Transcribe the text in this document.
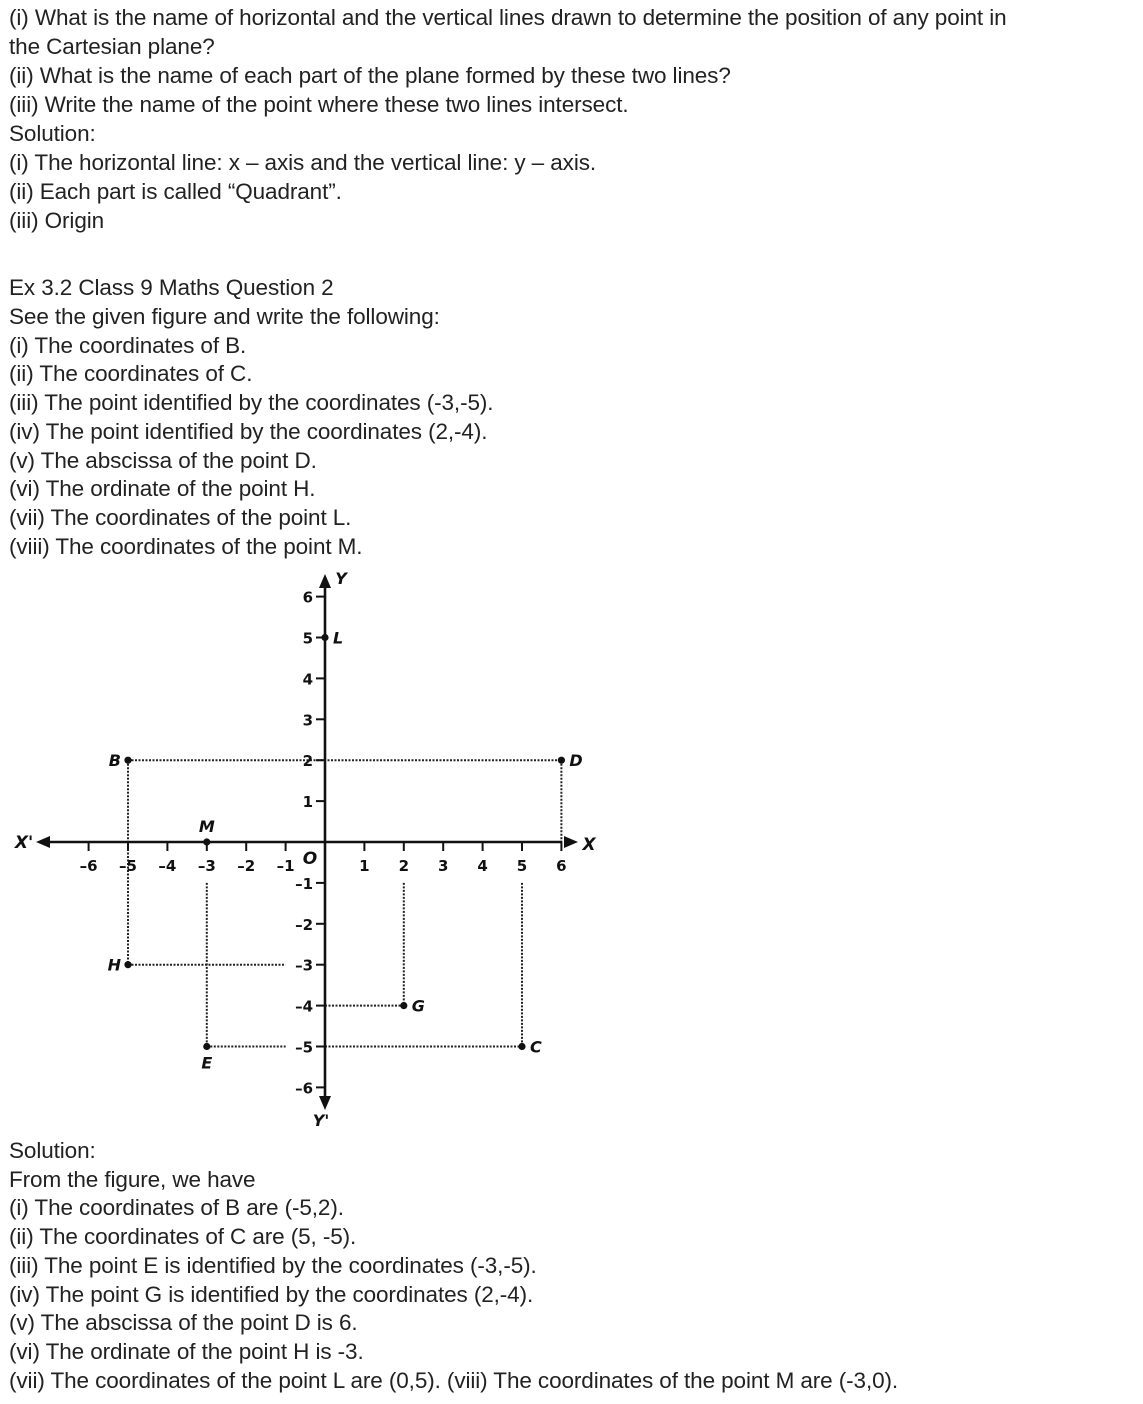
(i) What is the name of horizontal and the vertical lines drawn to determine the position of any point in
the Cartesian plane?
(ii) What is the name of each part of the plane formed by these two lines?
(iii) Write the name of the point where these two lines intersect.
Solution:
(i) The horizontal line: x – axis and the vertical line: y – axis.
(ii) Each part is called “Quadrant”.
(iii) Origin
Ex 3.2 Class 9 Maths Question 2
See the given figure and write the following:
(i) The coordinates of B.
(ii) The coordinates of C.
(iii) The point identified by the coordinates (-3,-5).
(iv) The point identified by the coordinates (2,-4).
(v) The abscissa of the point D.
(vi) The ordinate of the point H.
(vii) The coordinates of the point L.
(viii) The coordinates of the point M.
X
X'
Y
Y'
O
–6 –5 –4 –3 –2 –1	1 2 3 4 5 6
6
5
4
3
2
1
–1
–2
–3
–4
–5
–6
B	D
L
M
H
G
E
C
Solution:
From the figure, we have
(i) The coordinates of B are (-5,2).
(ii) The coordinates of C are (5, -5).
(iii) The point E is identified by the coordinates (-3,-5).
(iv) The point G is identified by the coordinates (2,-4).
(v) The abscissa of the point D is 6.
(vi) The ordinate of the point H is -3.
(vii) The coordinates of the point L are (0,5). (viii) The coordinates of the point M are (-3,0).
